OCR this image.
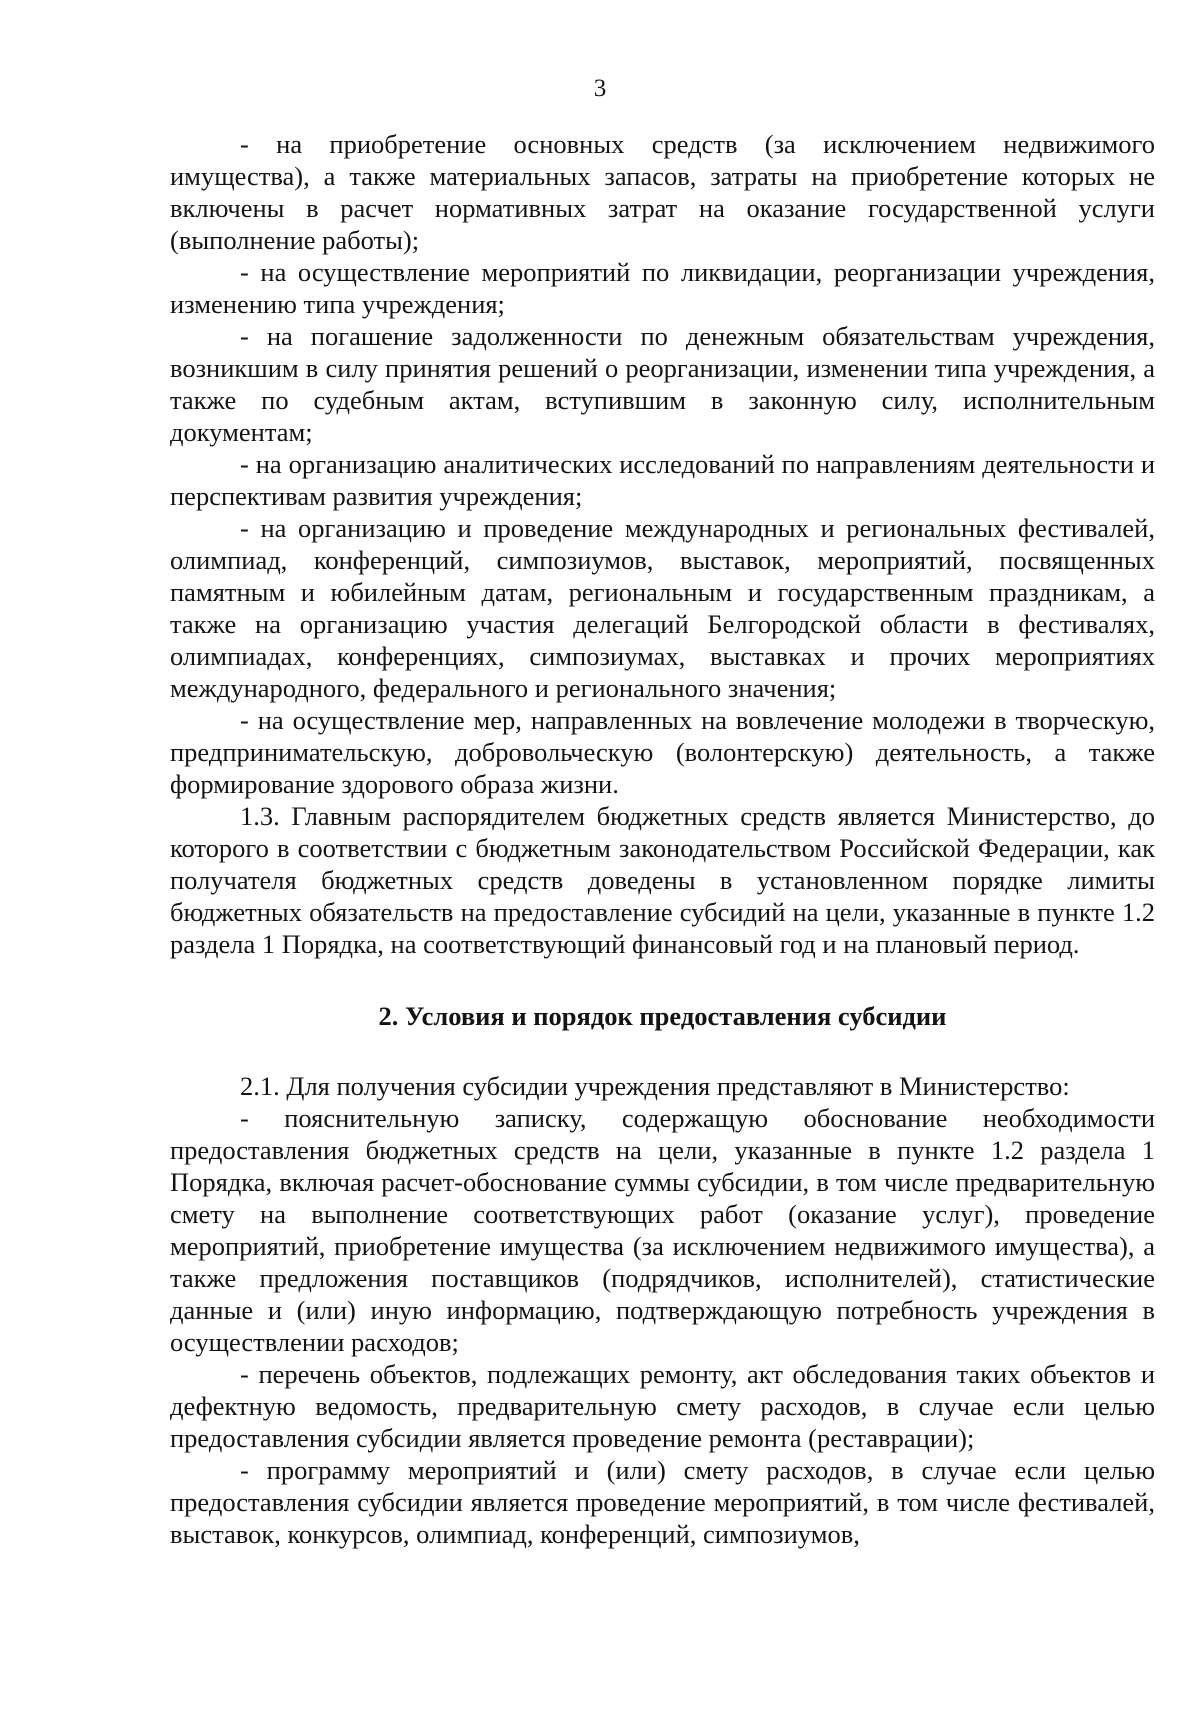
3

- на приобретение основных средств (за исключением недвижимого имущества), а также материальных запасов, затраты на приобретение которых не включены в расчет нормативных затрат на оказание государственной услуги (выполнение работы);

- на осуществление мероприятий по ликвидации, реорганизации учреждения, изменению типа учреждения;

- на погашение задолженности по денежным обязательствам учреждения, возникшим в силу принятия решений о реорганизации, изменении типа учреждения, а также по судебным актам, вступившим в законную силу, исполнительным документам;

- на организацию аналитических исследований по направлениям деятельности и перспективам развития учреждения;

- на организацию и проведение международных и региональных фестивалей, олимпиад, конференций, симпозиумов, выставок, мероприятий, посвященных памятным и юбилейным датам, региональным и государственным праздникам, а также на организацию участия делегаций Белгородской области в фестивалях, олимпиадах, конференциях, симпозиумах, выставках и прочих мероприятиях международного, федерального и регионального значения;

- на осуществление мер, направленных на вовлечение молодежи в творческую, предпринимательскую, добровольческую (волонтерскую) деятельность, а также формирование здорового образа жизни.

1.3. Главным распорядителем бюджетных средств является Министерство, до которого в соответствии с бюджетным законодательством Российской Федерации, как получателя бюджетных средств доведены в установленном порядке лимиты бюджетных обязательств на предоставление субсидий на цели, указанные в пункте 1.2 раздела 1 Порядка, на соответствующий финансовый год и на плановый период.

2. Условия и порядок предоставления субсидии

2.1. Для получения субсидии учреждения представляют в Министерство:

- пояснительную записку, содержащую обоснование необходимости предоставления бюджетных средств на цели, указанные в пункте 1.2 раздела 1 Порядка, включая расчет-обоснование суммы субсидии, в том числе предварительную смету на выполнение соответствующих работ (оказание услуг), проведение мероприятий, приобретение имущества (за исключением недвижимого имущества), а также предложения поставщиков (подрядчиков, исполнителей), статистические данные и (или) иную информацию, подтверждающую потребность учреждения в осуществлении расходов;

- перечень объектов, подлежащих ремонту, акт обследования таких объектов и дефектную ведомость, предварительную смету расходов, в случае если целью предоставления субсидии является проведение ремонта (реставрации);

- программу мероприятий и (или) смету расходов, в случае если целью предоставления субсидии является проведение мероприятий, в том числе фестивалей, выставок, конкурсов, олимпиад, конференций, симпозиумов,
